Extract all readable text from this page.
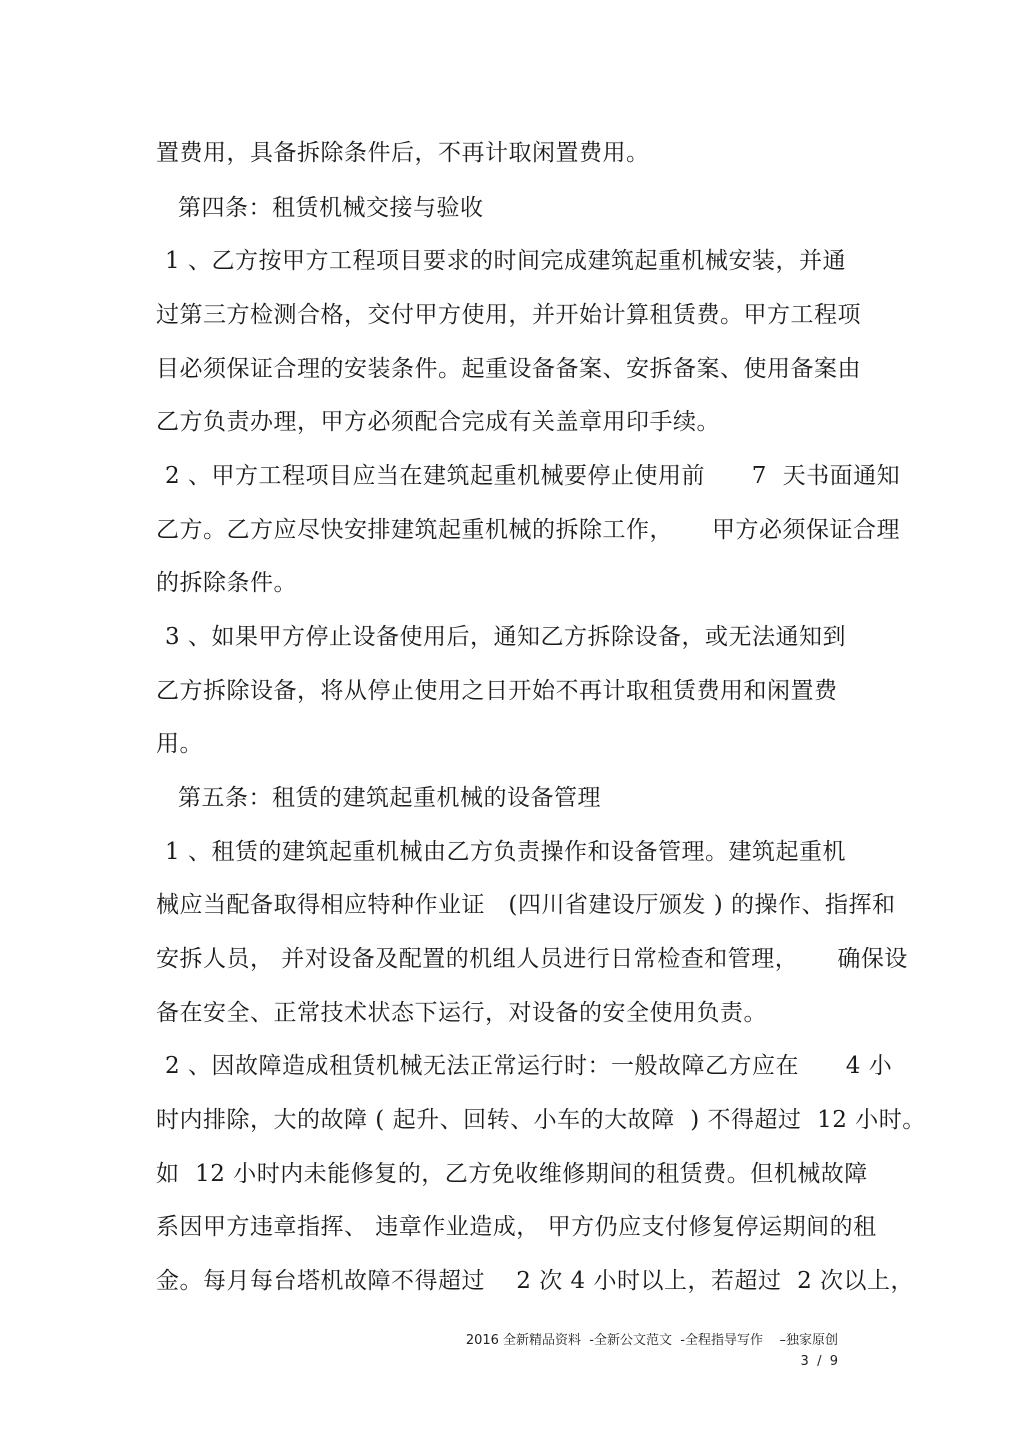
置费用，具备拆除条件后，不再计取闲置费用。
第四条：租赁机械交接与验收
1 、乙方按甲方工程项目要求的时间完成建筑起重机械安装，并通
过第三方检测合格，交付甲方使用，并开始计算租赁费。甲方工程项
目必须保证合理的安装条件。起重设备备案、安拆备案、使用备案由
乙方负责办理，甲方必须配合完成有关盖章用印手续。
2 、甲方工程项目应当在建筑起重机械要停止使用前      7  天书面通知
乙方。乙方应尽快安排建筑起重机械的拆除工作，     甲方必须保证合理
的拆除条件。
3 、如果甲方停止设备使用后，通知乙方拆除设备，或无法通知到
乙方拆除设备，将从停止使用之日开始不再计取租赁费用和闲置费
用。
第五条：租赁的建筑起重机械的设备管理
1 、租赁的建筑起重机械由乙方负责操作和设备管理。建筑起重机
械应当配备取得相应特种作业证   (四川省建设厅颁发 ) 的操作、指挥和
安拆人员， 并对设备及配置的机组人员进行日常检查和管理，     确保设
备在安全、正常技术状态下运行，对设备的安全使用负责。
2 、因故障造成租赁机械无法正常运行时：一般故障乙方应在      4 小
时内排除，大的故障 ( 起升、回转、小车的大故障  ) 不得超过  12 小时。
如  12 小时内未能修复的，乙方免收维修期间的租赁费。但机械故障
系因甲方违章指挥、 违章作业造成， 甲方仍应支付修复停运期间的租
金。每月每台塔机故障不得超过    2 次 4 小时以上，若超过  2 次以上，
2016 全新精品资料  -全新公文范文  -全程指导写作    –独家原创
3  /  9
